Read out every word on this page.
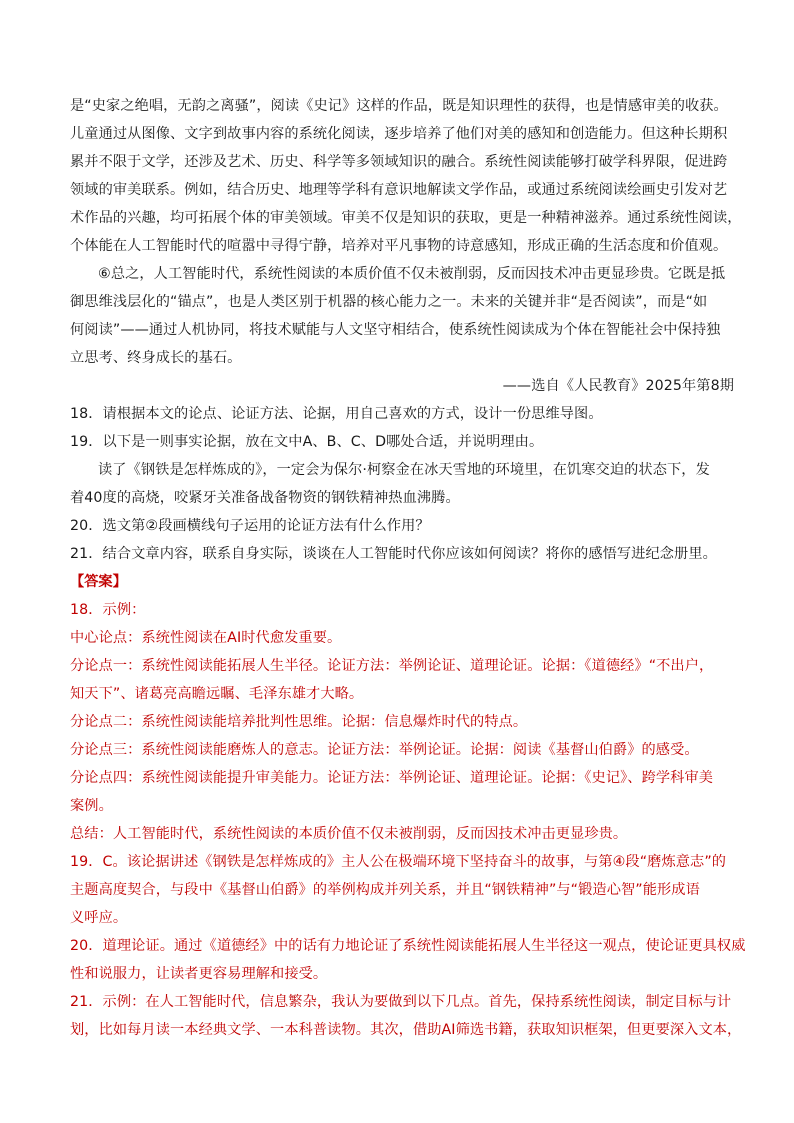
是“史家之绝唱，无韵之离骚”，阅读《史记》这样的作品，既是知识理性的获得，也是情感审美的收获。
儿童通过从图像、文字到故事内容的系统化阅读，逐步培养了他们对美的感知和创造能力。但这种长期积
累并不限于文学，还涉及艺术、历史、科学等多领域知识的融合。系统性阅读能够打破学科界限，促进跨
领域的审美联系。例如，结合历史、地理等学科有意识地解读文学作品，或通过系统阅读绘画史引发对艺
术作品的兴趣，均可拓展个体的审美领域。审美不仅是知识的获取，更是一种精神滋养。通过系统性阅读，
个体能在人工智能时代的喧嚣中寻得宁静，培养对平凡事物的诗意感知，形成正确的生活态度和价值观。
⑥总之，人工智能时代，系统性阅读的本质价值不仅未被削弱，反而因技术冲击更显珍贵。它既是抵
御思维浅层化的“锚点”，也是人类区别于机器的核心能力之一。未来的关键并非“是否阅读”，而是“如
何阅读”——通过人机协同，将技术赋能与人文坚守相结合，使系统性阅读成为个体在智能社会中保持独
立思考、终身成长的基石。
——选自《人民教育》2025年第8期
18．请根据本文的论点、论证方法、论据，用自己喜欢的方式，设计一份思维导图。
19．以下是一则事实论据，放在文中A、B、C、D哪处合适，并说明理由。
读了《钢铁是怎样炼成的》，一定会为保尔·柯察金在冰天雪地的环境里，在饥寒交迫的状态下，发
着40度的高烧，咬紧牙关准备战备物资的钢铁精神热血沸腾。
20．选文第②段画横线句子运用的论证方法有什么作用？
21．结合文章内容，联系自身实际，谈谈在人工智能时代你应该如何阅读？将你的感悟写进纪念册里。
【答案】
18．示例：
中心论点：系统性阅读在AI时代愈发重要。
分论点一：系统性阅读能拓展人生半径。论证方法：举例论证、道理论证。论据：《道德经》“不出户，
知天下”、诸葛亮高瞻远瞩、毛泽东雄才大略。
分论点二：系统性阅读能培养批判性思维。论据：信息爆炸时代的特点。
分论点三：系统性阅读能磨炼人的意志。论证方法：举例论证。论据：阅读《基督山伯爵》的感受。
分论点四：系统性阅读能提升审美能力。论证方法：举例论证、道理论证。论据：《史记》、跨学科审美
案例。
总结：人工智能时代，系统性阅读的本质价值不仅未被削弱，反而因技术冲击更显珍贵。
19．C。该论据讲述《钢铁是怎样炼成的》主人公在极端环境下坚持奋斗的故事，与第④段“磨炼意志”的
主题高度契合，与段中《基督山伯爵》的举例构成并列关系，并且“钢铁精神”与“锻造心智”能形成语
义呼应。
20．道理论证。通过《道德经》中的话有力地论证了系统性阅读能拓展人生半径这一观点，使论证更具权威
性和说服力，让读者更容易理解和接受。
21．示例：在人工智能时代，信息繁杂，我认为要做到以下几点。首先，保持系统性阅读，制定目标与计
划，比如每月读一本经典文学、一本科普读物。其次，借助AI筛选书籍，获取知识框架，但更要深入文本，
